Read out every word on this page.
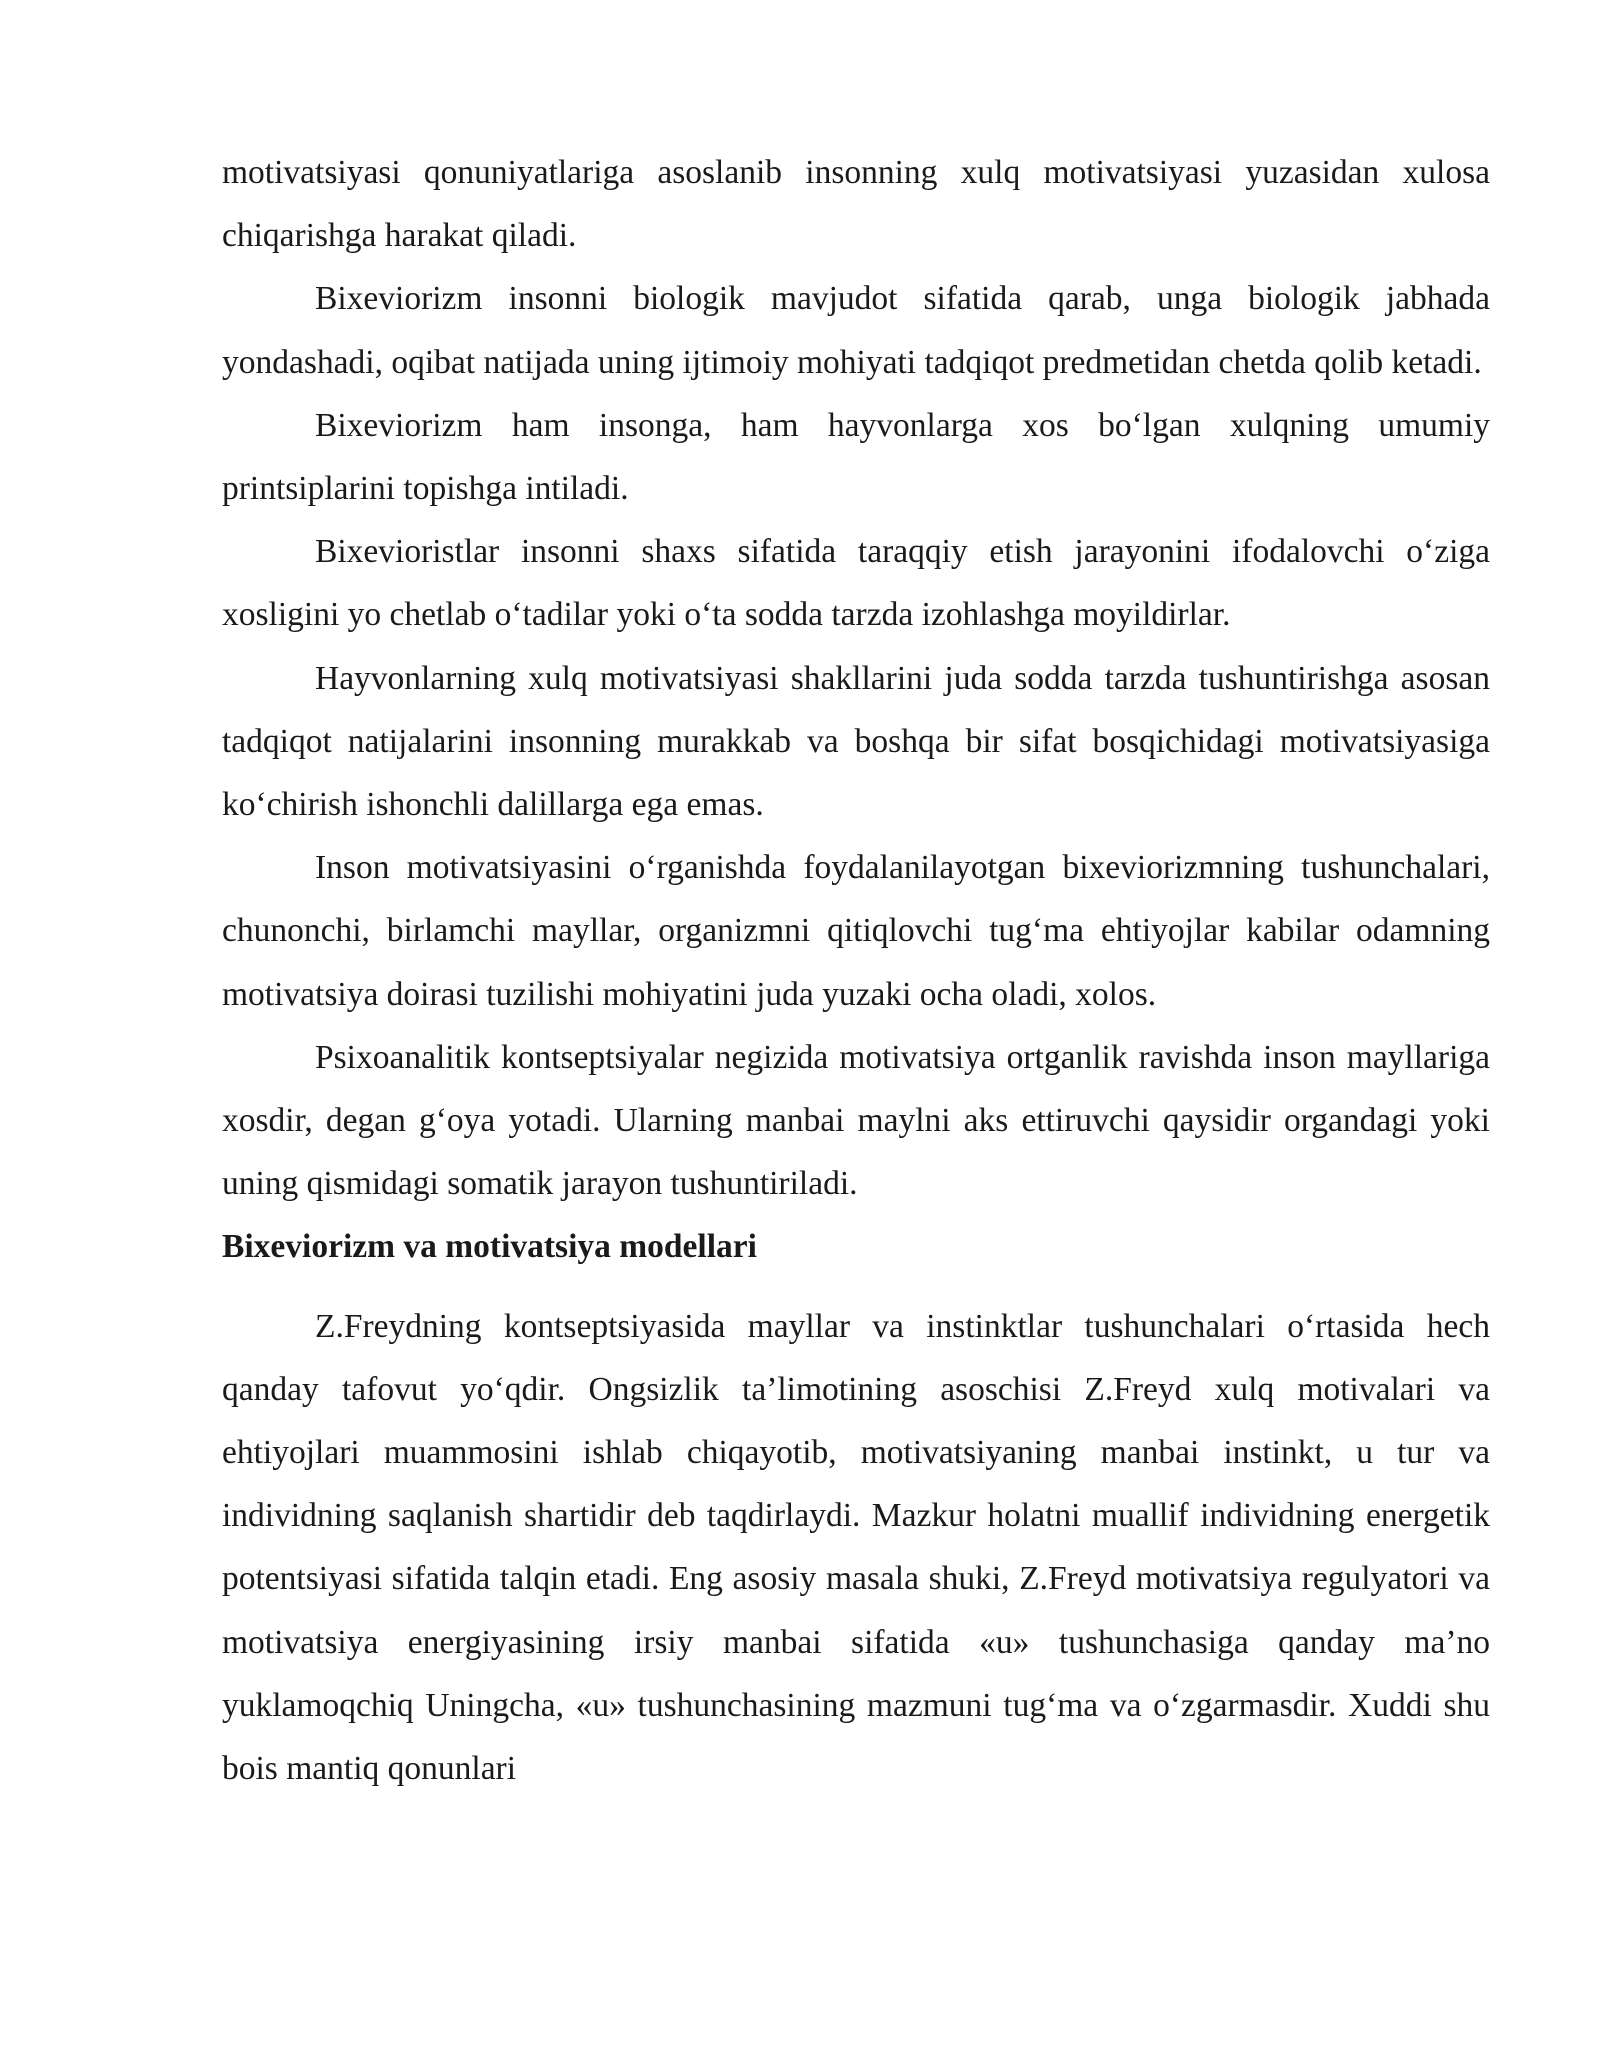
motivatsiyasi qonuniyatlariga asoslanib insonning xulq motivatsiyasi yuzasidan xulosa chiqarishga harakat qiladi.

Bixeviorizm insonni biologik mavjudot sifatida qarab, unga biologik jabhada yondashadi, oqibat natijada uning ijtimoiy mohiyati tadqiqot predmetidan chetda qolib ketadi.

Bixeviorizm ham insonga, ham hayvonlarga xos bo‘lgan xulqning umumiy printsiplarini topishga intiladi.

Bixevioristlar insonni shaxs sifatida taraqqiy etish jarayonini ifodalovchi o‘ziga xosligini yo chetlab o‘tadilar yoki o‘ta sodda tarzda izohlashga moyildirlar.

Hayvonlarning xulq motivatsiyasi shakllarini juda sodda tarzda tushuntirishga asosan tadqiqot natijalarini insonning murakkab va boshqa bir sifat bosqichidagi motivatsiyasiga ko‘chirish ishonchli dalillarga ega emas.

Inson motivatsiyasini o‘rganishda foydalanilayotgan bixeviorizmning tushunchalari, chunonchi, birlamchi mayllar, organizmni qitiqlovchi tug‘ma ehtiyojlar kabilar odamning motivatsiya doirasi tuzilishi mohiyatini juda yuzaki ocha oladi, xolos.

Psixoanalitik kontseptsiyalar negizida motivatsiya ortganlik ravishda inson mayllariga xosdir, degan g‘oya yotadi. Ularning manbai maylni aks ettiruvchi qaysidir organdagi yoki uning qismidagi somatik jarayon tushuntiriladi.

Bixeviorizm va motivatsiya modellari

Z.Freydning kontseptsiyasida mayllar va instinktlar tushunchalari o‘rtasida hech qanday tafovut yo‘qdir. Ongsizlik ta’limotining asoschisi Z.Freyd xulq motivalari va ehtiyojlari muammosini ishlab chiqayotib, motivatsiyaning manbai instinkt, u tur va individning saqlanish shartidir deb taqdirlaydi. Mazkur holatni muallif individning energetik potentsiyasi sifatida talqin etadi. Eng asosiy masala shuki, Z.Freyd motivatsiya regulyatori va motivatsiya energiyasining irsiy manbai sifatida «u» tushunchasiga qanday ma’no yuklamoqchiq Uningcha, «u» tushunchasining mazmuni tug‘ma va o‘zgarmasdir. Xuddi shu bois mantiq qonunlari
